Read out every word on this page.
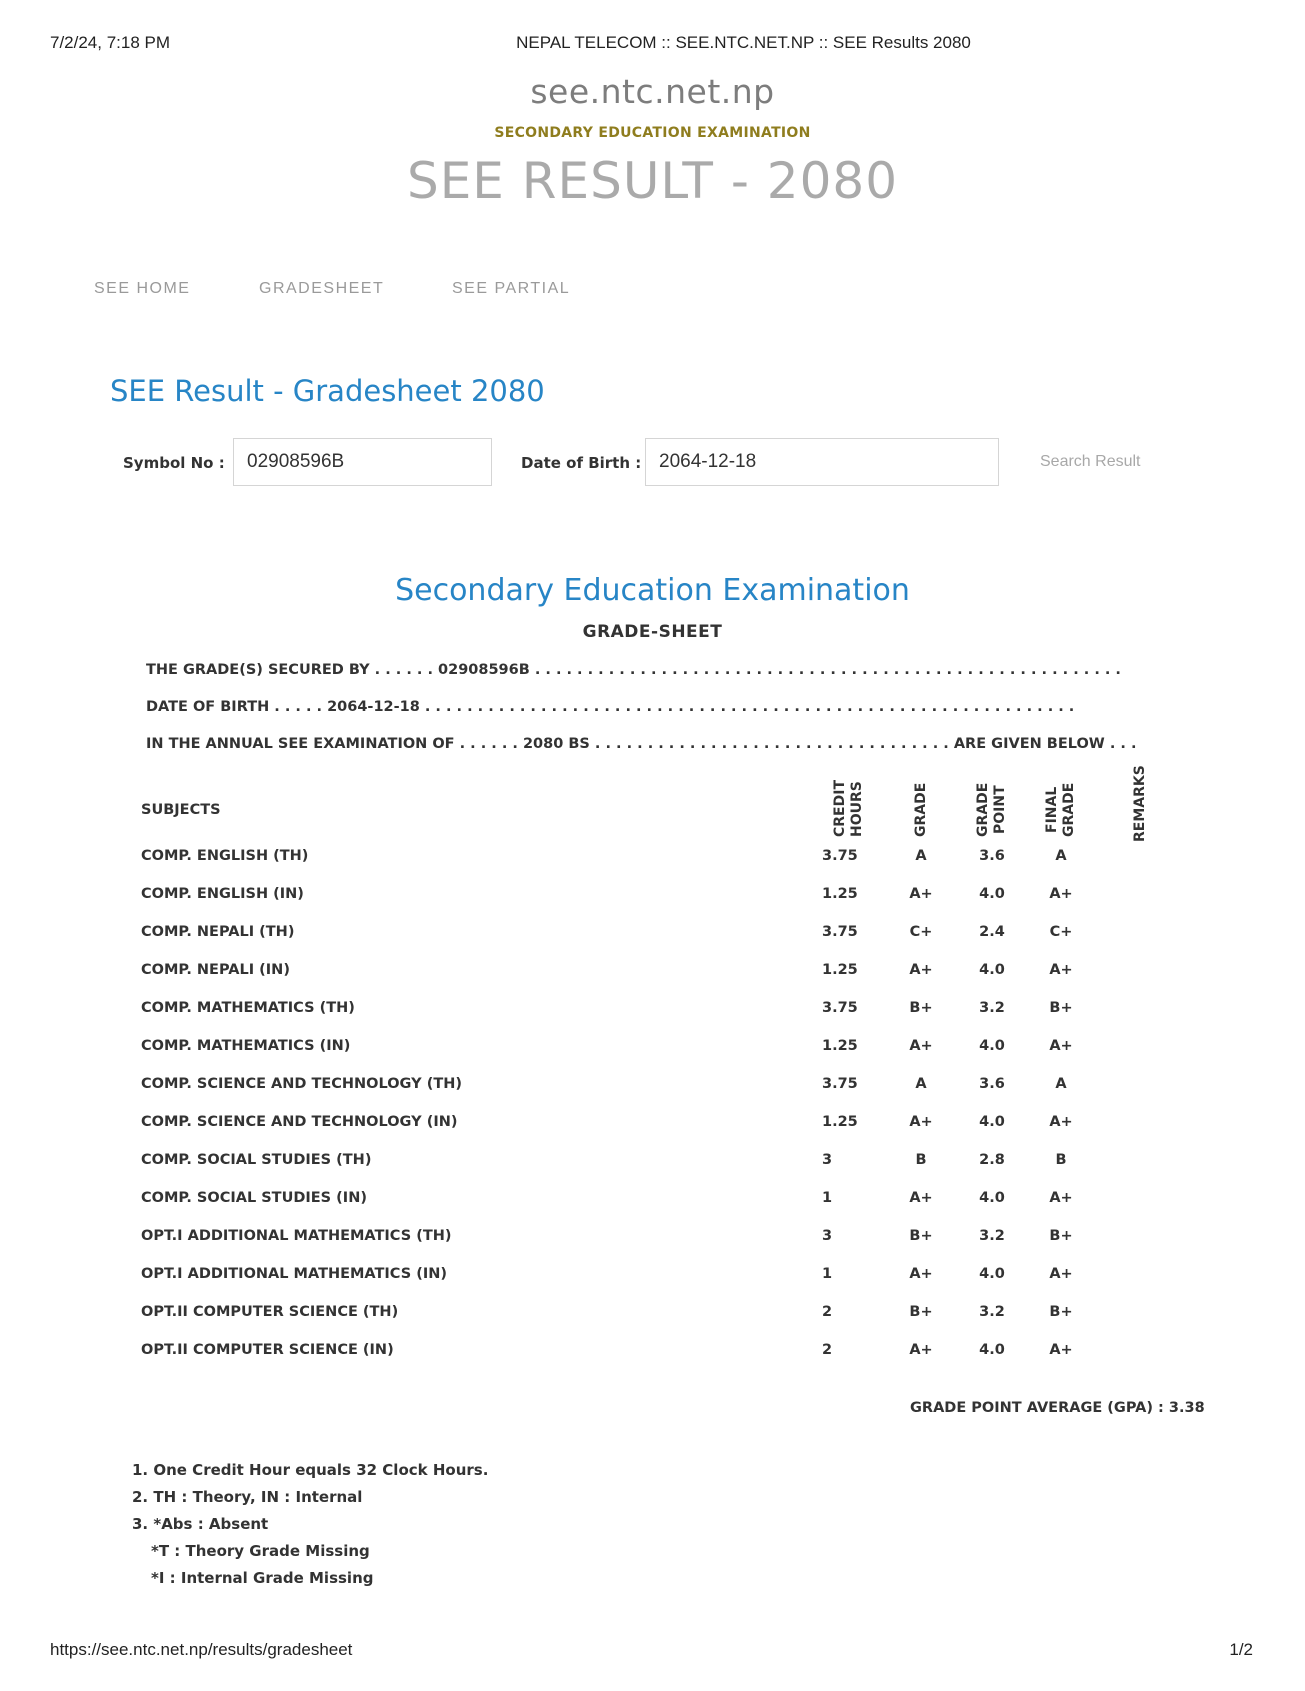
7/2/24, 7:18 PM	NEPAL TELECOM :: SEE.NTC.NET.NP :: SEE Results 2080
see.ntc.net.np
SECONDARY EDUCATION EXAMINATION
SEE RESULT - 2080
SEE HOME	GRADESHEET	SEE PARTIAL
SEE Result - Gradesheet 2080
Symbol No :
02908596B	Date of Birth :
2064-12-18	Search Result
Secondary Education Examination
GRADE-SHEET
THE GRADE(S) SECURED BY . . . . . . 02908596B . . . . . . . . . . . . . . . . . . . . . . . . . . . . . . . . . . . . . . . . . . . . . . . . . . . . . . . .
DATE OF BIRTH . . . . . 2064-12-18 . . . . . . . . . . . . . . . . . . . . . . . . . . . . . . . . . . . . . . . . . . . . . . . . . . . . . . . . . . . . . .
IN THE ANNUAL SEE EXAMINATION OF . . . . . . 2080 BS . . . . . . . . . . . . . . . . . . . . . . . . . . . . . . . . . . ARE GIVEN BELOW . . .
SUBJECTS	CREDIT HOURS	GRADE	GRADE POINT	FINAL GRADE	REMARKS
COMP. ENGLISH (TH)	3.75	A	3.6	A
COMP. ENGLISH (IN)	1.25	A+	4.0	A+
COMP. NEPALI (TH)	3.75	C+	2.4	C+
COMP. NEPALI (IN)	1.25	A+	4.0	A+
COMP. MATHEMATICS (TH)	3.75	B+	3.2	B+
COMP. MATHEMATICS (IN)	1.25	A+	4.0	A+
COMP. SCIENCE AND TECHNOLOGY (TH)	3.75	A	3.6	A
COMP. SCIENCE AND TECHNOLOGY (IN)	1.25	A+	4.0	A+
COMP. SOCIAL STUDIES (TH)	3	B	2.8	B
COMP. SOCIAL STUDIES (IN)	1	A+	4.0	A+
OPT.I ADDITIONAL MATHEMATICS (TH)	3	B+	3.2	B+
OPT.I ADDITIONAL MATHEMATICS (IN)	1	A+	4.0	A+
OPT.II COMPUTER SCIENCE (TH)	2	B+	3.2	B+
OPT.II COMPUTER SCIENCE (IN)	2	A+	4.0	A+
GRADE POINT AVERAGE (GPA) : 3.38
1. One Credit Hour equals 32 Clock Hours.
2. TH : Theory, IN : Internal
3. *Abs : Absent
*T : Theory Grade Missing
*I : Internal Grade Missing
https://see.ntc.net.np/results/gradesheet	1/2
